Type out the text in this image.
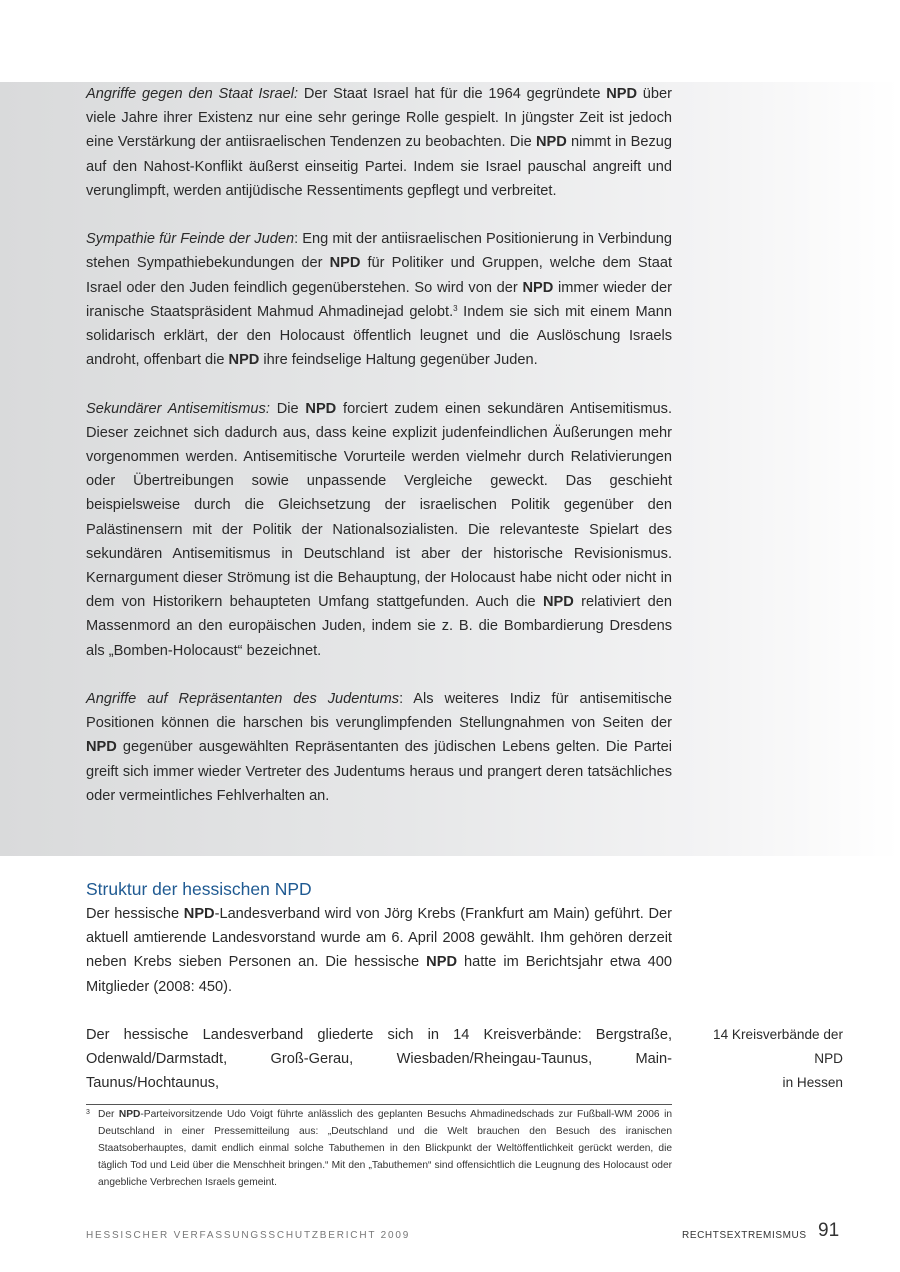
Angriffe gegen den Staat Israel: Der Staat Israel hat für die 1964 gegründete NPD über viele Jahre ihrer Existenz nur eine sehr geringe Rolle gespielt. In jüngster Zeit ist jedoch eine Verstärkung der antiisraelischen Tendenzen zu beobachten. Die NPD nimmt in Bezug auf den Nahost-Konflikt äußerst einseitig Partei. Indem sie Israel pauschal angreift und verunglimpft, werden antijüdische Ressentiments gepflegt und verbreitet.

Sympathie für Feinde der Juden: Eng mit der antiisraelischen Positionierung in Verbindung stehen Sympathiebekundungen der NPD für Politiker und Gruppen, welche dem Staat Israel oder den Juden feindlich gegenüberstehen. So wird von der NPD immer wieder der iranische Staatspräsident Mahmud Ahmadinejad gelobt.$^3$ Indem sie sich mit einem Mann solidarisch erklärt, der den Holocaust öffentlich leugnet und die Auslöschung Israels androht, offenbart die NPD ihre feindselige Haltung gegenüber Juden.

Sekundärer Antisemitismus: Die NPD forciert zudem einen sekundären Antisemitismus. Dieser zeichnet sich dadurch aus, dass keine explizit judenfeindlichen Äußerungen mehr vorgenommen werden. Antisemitische Vorurteile werden vielmehr durch Relativierungen oder Übertreibungen sowie unpassende Vergleiche geweckt. Das geschieht beispielsweise durch die Gleichsetzung der israelischen Politik gegenüber den Palästinensern mit der Politik der Nationalsozialisten. Die relevanteste Spielart des sekundären Antisemitismus in Deutschland ist aber der historische Revisionismus. Kernargument dieser Strömung ist die Behauptung, der Holocaust habe nicht oder nicht in dem von Historikern behaupteten Umfang stattgefunden. Auch die NPD relativiert den Massenmord an den europäischen Juden, indem sie z. B. die Bombardierung Dresdens als „Bomben-Holocaust“ bezeichnet.

Angriffe auf Repräsentanten des Judentums: Als weiteres Indiz für antisemitische Positionen können die harschen bis verunglimpfenden Stellungnahmen von Seiten der NPD gegenüber ausgewählten Repräsentanten des jüdischen Lebens gelten. Die Partei greift sich immer wieder Vertreter des Judentums heraus und prangert deren tatsächliches oder vermeintliches Fehlverhalten an.

Struktur der hessischen NPD

Der hessische NPD-Landesverband wird von Jörg Krebs (Frankfurt am Main) geführt. Der aktuell amtierende Landesvorstand wurde am 6. April 2008 gewählt. Ihm gehören derzeit neben Krebs sieben Personen an. Die hessische NPD hatte im Berichtsjahr etwa 400 Mitglieder (2008: 450).

Der hessische Landesverband gliederte sich in 14 Kreisverbände: Bergstraße, Odenwald/Darmstadt, Groß-Gerau, Wiesbaden/Rheingau-Taunus, Main-Taunus/Hochtaunus,

14 Kreisverbände der NPD
in Hessen
3 Der NPD-Parteivorsitzende Udo Voigt führte anlässlich des geplanten Besuchs Ahmadinedschads zur Fußball-WM 2006 in Deutschland in einer Pressemitteilung aus: „Deutschland und die Welt brauchen den Besuch des iranischen Staatsoberhauptes, damit endlich einmal solche Tabuthemen in den Blickpunkt der Weltöffentlichkeit gerückt werden, die täglich Tod und Leid über die Menschheit bringen.“ Mit den „Tabuthemen“ sind offensichtlich die Leugnung des Holocaust oder angebliche Verbrechen Israels gemeint.
HESSISCHER VERFASSUNGSSCHUTZBERICHT 2009	RECHTSEXTREMISMUS 91
